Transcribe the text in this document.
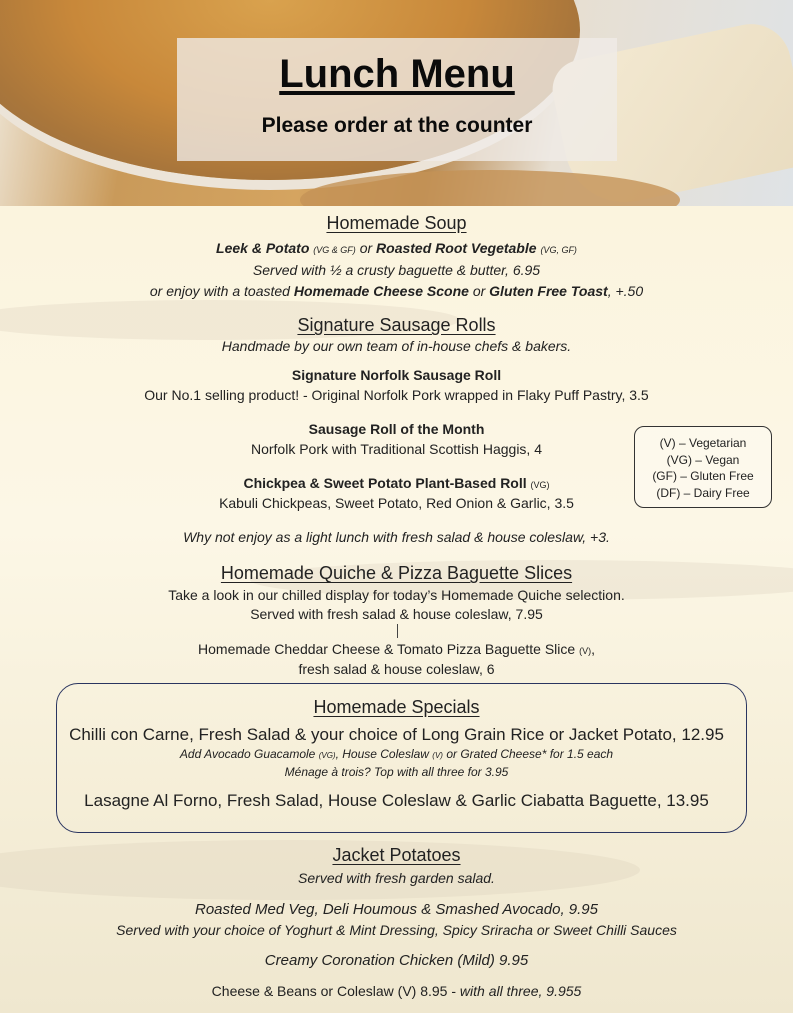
Lunch Menu
Please order at the counter
Homemade Soup
Leek & Potato (VG & GF) or Roasted Root Vegetable (VG, GF)
Served with ½ a crusty baguette & butter, 6.95
or enjoy with a toasted Homemade Cheese Scone or Gluten Free Toast, +.50
Signature Sausage Rolls
Handmade by our own team of in-house chefs & bakers.
Signature Norfolk Sausage Roll
Our No.1 selling product! - Original Norfolk Pork wrapped in Flaky Puff Pastry, 3.5
Sausage Roll of the Month
Norfolk Pork with Traditional Scottish Haggis, 4
Chickpea & Sweet Potato Plant-Based Roll (VG)
Kabuli Chickpeas, Sweet Potato, Red Onion & Garlic, 3.5
Why not enjoy as a light lunch with fresh salad & house coleslaw, +3.
(V) – Vegetarian
(VG) – Vegan
(GF) – Gluten Free
(DF) – Dairy Free
Homemade Quiche & Pizza Baguette Slices
Take a look in our chilled display for today’s Homemade Quiche selection.
Served with fresh salad & house coleslaw, 7.95
Homemade Cheddar Cheese & Tomato Pizza Baguette Slice (V),
fresh salad & house coleslaw, 6
Homemade Specials
Chilli con Carne, Fresh Salad & your choice of Long Grain Rice or Jacket Potato, 12.95
Add Avocado Guacamole (VG), House Coleslaw (V) or Grated Cheese* for 1.5 each
Ménage à trois? Top with all three for 3.95
Lasagne Al Forno, Fresh Salad, House Coleslaw & Garlic Ciabatta Baguette, 13.95
Jacket Potatoes
Served with fresh garden salad.
Roasted Med Veg, Deli Houmous & Smashed Avocado, 9.95
Served with your choice of Yoghurt & Mint Dressing, Spicy Sriracha or Sweet Chilli Sauces
Creamy Coronation Chicken (Mild) 9.95
Cheese & Beans or Coleslaw (V) 8.95 - with all three, 9.955
